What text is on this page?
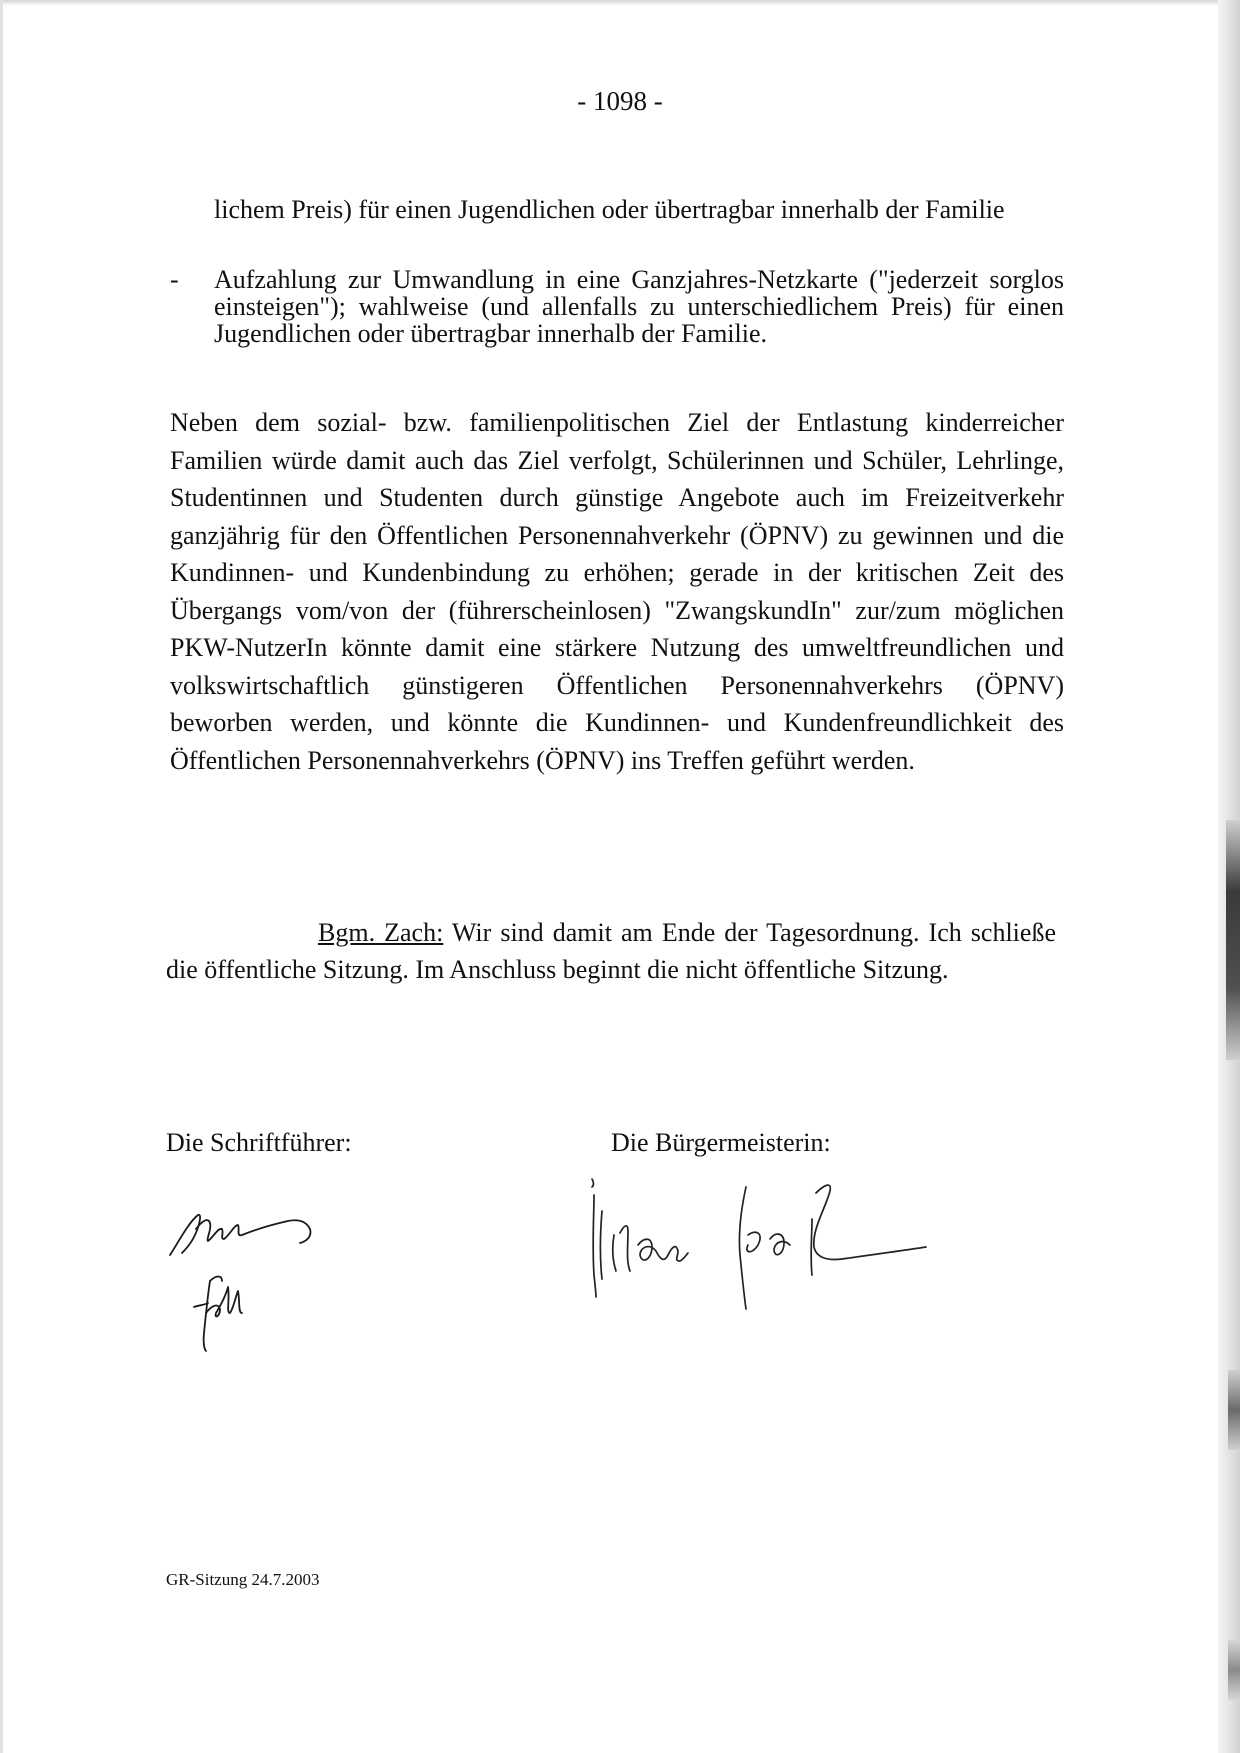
- 1098 -
lichem Preis) für einen Jugendlichen oder übertragbar innerhalb der Familie
-	Aufzahlung zur Umwandlung in eine Ganzjahres-Netzkarte ("jederzeit sorglos einsteigen"); wahlweise (und allenfalls zu unterschiedlichem Preis) für einen Jugendlichen oder übertragbar innerhalb der Familie.
Neben dem sozial- bzw. familienpolitischen Ziel der Entlastung kinderreicher Familien würde damit auch das Ziel verfolgt, Schülerinnen und Schüler, Lehrlinge, Studentinnen und Studenten durch günstige Angebote auch im Freizeitverkehr ganzjährig für den Öffentlichen Personennahverkehr (ÖPNV) zu gewinnen und die Kundinnen- und Kundenbindung zu erhöhen; gerade in der kritischen Zeit des Übergangs vom/von der (führerscheinlosen) "ZwangskundIn" zur/zum möglichen PKW-NutzerIn könnte damit eine stärkere Nutzung des umweltfreundlichen und volkswirtschaftlich günstigeren Öffentlichen Personennahverkehrs (ÖPNV) beworben werden, und könnte die Kundinnen- und Kundenfreundlichkeit des Öffentlichen Personennahverkehrs (ÖPNV) ins Treffen geführt werden.
Bgm. Zach: Wir sind damit am Ende der Tagesordnung. Ich schließe die öffentliche Sitzung. Im Anschluss beginnt die nicht öffentliche Sitzung.
Die Schriftführer:	Die Bürgermeisterin:
GR-Sitzung 24.7.2003
